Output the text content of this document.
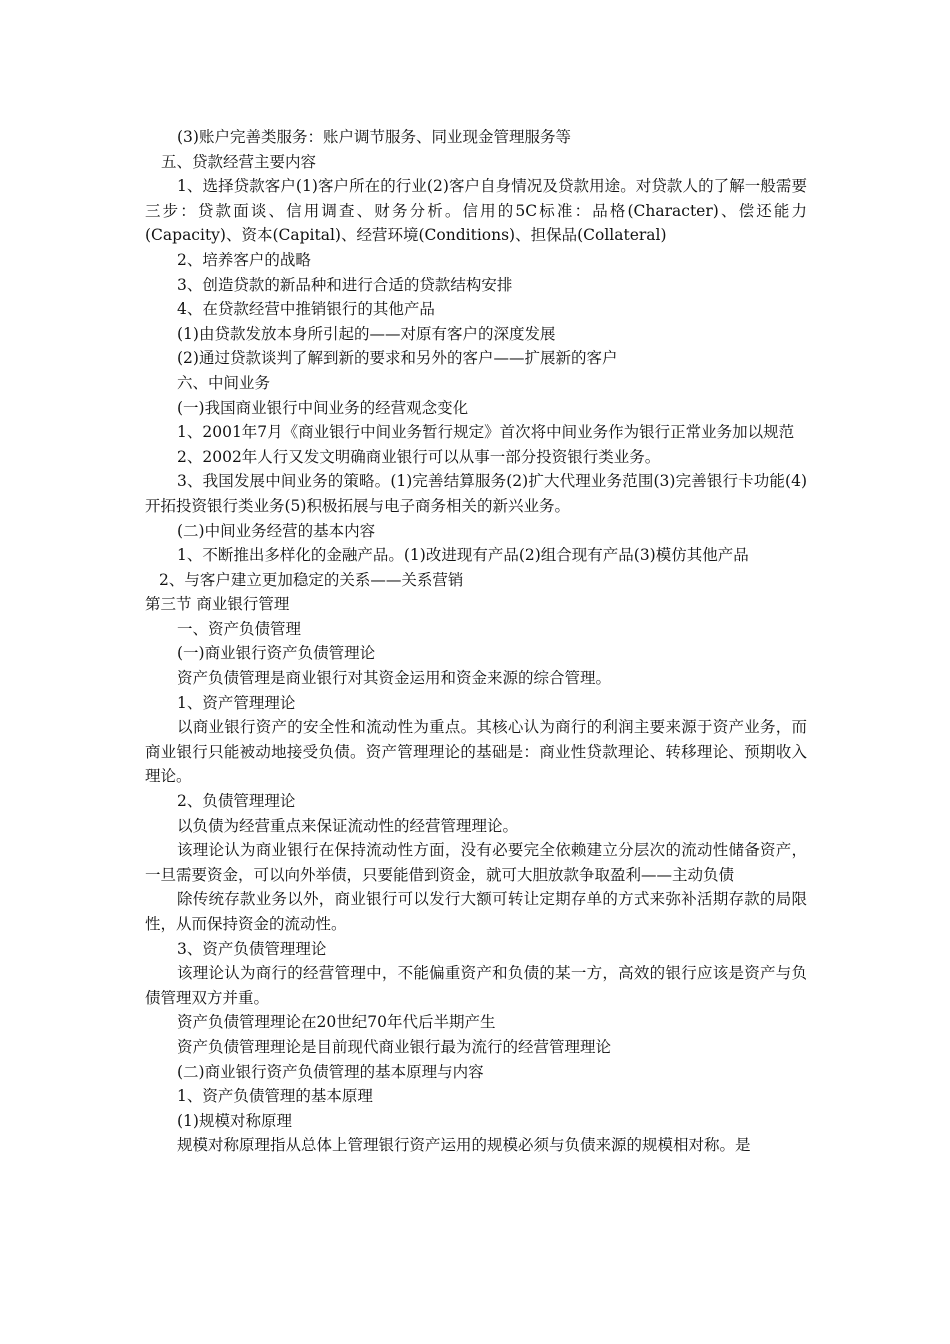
(3)账户完善类服务：账户调节服务、同业现金管理服务等

五、贷款经营主要内容

1、选择贷款客户(1)客户所在的行业(2)客户自身情况及贷款用途。对贷款人的了解一般需要三步：贷款面谈、信用调查、财务分析。信用的5C标准：品格(Character)、偿还能力(Capacity)、资本(Capital)、经营环境(Conditions)、担保品(Collateral)

2、培养客户的战略

3、创造贷款的新品种和进行合适的贷款结构安排

4、在贷款经营中推销银行的其他产品

(1)由贷款发放本身所引起的——对原有客户的深度发展

(2)通过贷款谈判了解到新的要求和另外的客户——扩展新的客户

六、中间业务

(一)我国商业银行中间业务的经营观念变化

1、2001年7月《商业银行中间业务暂行规定》首次将中间业务作为银行正常业务加以规范

2、2002年人行又发文明确商业银行可以从事一部分投资银行类业务。

3、我国发展中间业务的策略。(1)完善结算服务(2)扩大代理业务范围(3)完善银行卡功能(4)开拓投资银行类业务(5)积极拓展与电子商务相关的新兴业务。

(二)中间业务经营的基本内容

1、不断推出多样化的金融产品。(1)改进现有产品(2)组合现有产品(3)模仿其他产品

2、与客户建立更加稳定的关系——关系营销

第三节 商业银行管理

一、资产负债管理

(一)商业银行资产负债管理论

资产负债管理是商业银行对其资金运用和资金来源的综合管理。

1、资产管理理论

以商业银行资产的安全性和流动性为重点。其核心认为商行的利润主要来源于资产业务，而商业银行只能被动地接受负债。资产管理理论的基础是：商业性贷款理论、转移理论、预期收入理论。

2、负债管理理论

以负债为经营重点来保证流动性的经营管理理论。

该理论认为商业银行在保持流动性方面，没有必要完全依赖建立分层次的流动性储备资产，一旦需要资金，可以向外举债，只要能借到资金，就可大胆放款争取盈利——主动负债

除传统存款业务以外，商业银行可以发行大额可转让定期存单的方式来弥补活期存款的局限性，从而保持资金的流动性。

3、资产负债管理理论

该理论认为商行的经营管理中，不能偏重资产和负债的某一方，高效的银行应该是资产与负债管理双方并重。

资产负债管理理论在20世纪70年代后半期产生

资产负债管理理论是目前现代商业银行最为流行的经营管理理论

(二)商业银行资产负债管理的基本原理与内容

1、资产负债管理的基本原理

(1)规模对称原理

规模对称原理指从总体上管理银行资产运用的规模必须与负债来源的规模相对称。是
